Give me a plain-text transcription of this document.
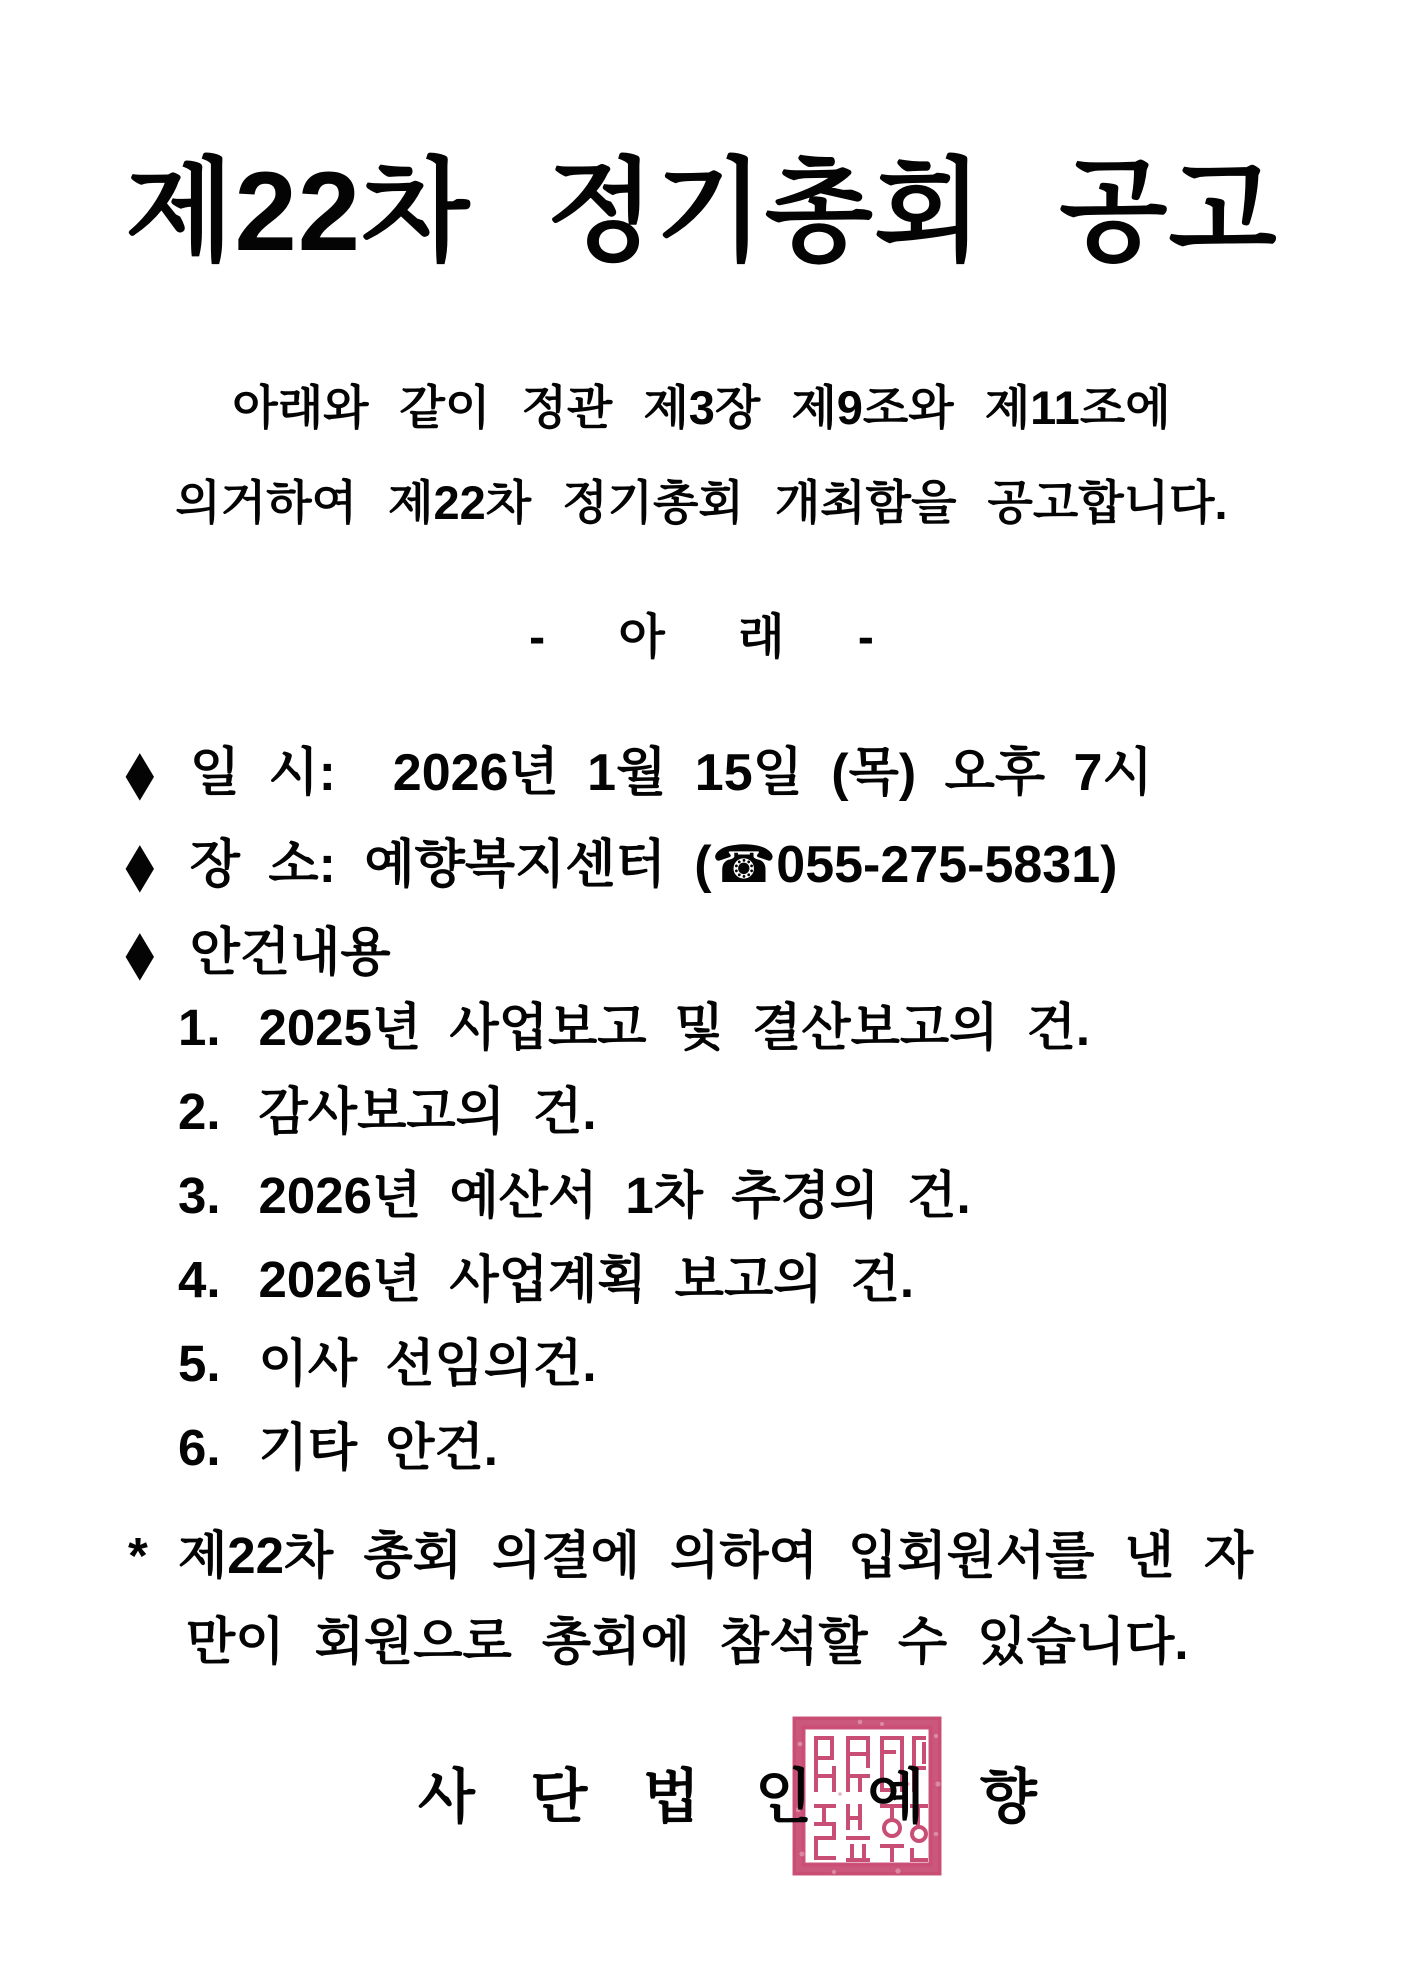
제22차 정기총회 공고
아래와 같이 정관 제3장 제9조와 제11조에
의거하여 제22차 정기총회 개최함을 공고합니다.
- 아 래 -
◆ 일 시:  2026년 1월 15일 (목) 오후 7시
◆ 장 소: 예향복지센터 (☎055-275-5831)
◆ 안건내용
1. 2025년 사업보고 및 결산보고의 건.
2. 감사보고의 건.
3. 2026년 예산서 1차 추경의 건.
4. 2026년 사업계획 보고의 건.
5. 이사 선임의건.
6. 기타 안건.
* 제22차 총회 의결에 의하여 입회원서를 낸 자
만이 회원으로 총회에 참석할 수 있습니다.
사 단 법 인 예 향
